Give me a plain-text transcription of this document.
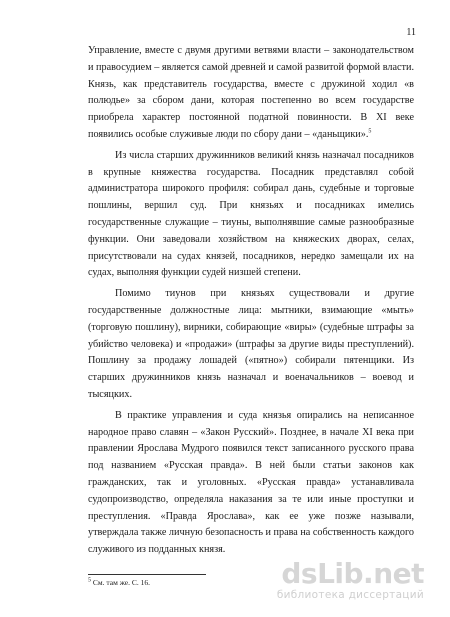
11

Управление, вместе с двумя другими ветвями власти – законодательством и правосудием – является самой древней и самой развитой формой власти. Князь, как представитель государства, вместе с дружиной ходил «в полюдье» за сбором дани, которая постепенно во всем государстве приобрела характер постоянной податной повинности. В XI веке появились особые служивые люди по сбору дани – «даньщики».$^5$

Из числа старших дружинников великий князь назначал посадников в крупные княжества государства. Посадник представлял собой администратора широкого профиля: собирал дань, судебные и торговые пошлины, вершил суд. При князьях и посадниках имелись государственные служащие – тиуны, выполнявшие самые разнообразные функции. Они заведовали хозяйством на княжеских дворах, селах, присутствовали на судах князей, посадников, нередко замещали их на судах, выполняя функции судей низшей степени.

Помимо тиунов при князьях существовали и другие государственные должностные лица: мытники, взимающие «мыть» (торговую пошлину), вирники, собирающие «виры» (судебные штрафы за убийство человека) и «продажи» (штрафы за другие виды преступлений). Пошлину за продажу лошадей («пятно») собирали пятенщики. Из старших дружинников князь назначал и военачальников – воевод и тысяцких.

В практике управления и суда князья опирались на неписанное народное право славян – «Закон Русский». Позднее, в начале XI века при правлении Ярослава Мудрого появился текст записанного русского права под названием «Русская правда». В ней были статьи законов как гражданских, так и уголовных. «Русская правда» устанавливала судопроизводство, определяла наказания за те или иные проступки и преступления. «Правда Ярослава», как ее уже позже называли, утверждала также личную безопасность и права на собственность каждого служивого из подданных князя.

$^5$ См. там же. С. 16.	dsLib.net
библиотека диссертаций
